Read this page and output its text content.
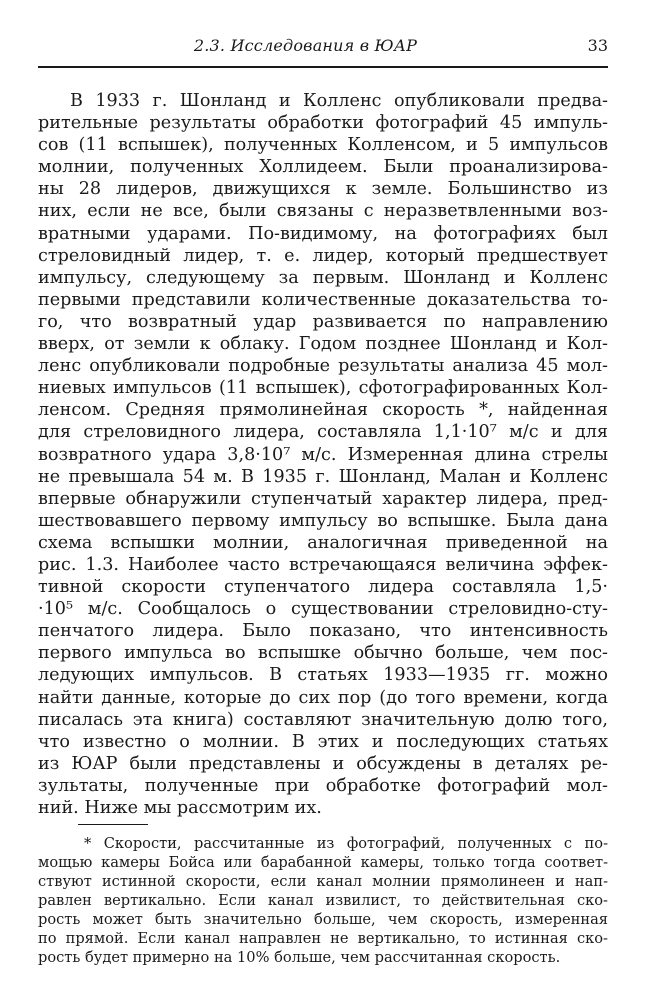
2.3. Исследования в ЮАР	33
В 1933 г. Шонланд и Колленс опубликовали предва-
рительные результаты обработки фотографий 45 импуль-
сов (11 вспышек), полученных Колленсом, и 5 импульсов
молнии, полученных Холлидеем. Были проанализирова-
ны 28 лидеров, движущихся к земле. Большинство из
них, если не все, были связаны с неразветвленными воз-
вратными ударами. По-видимому, на фотографиях был
стреловидный лидер, т. е. лидер, который предшествует
импульсу, следующему за первым. Шонланд и Колленс
первыми представили количественные доказательства то-
го, что возвратный удар развивается по направлению
вверх, от земли к облаку. Годом позднее Шонланд и Кол-
ленс опубликовали подробные результаты анализа 45 мол-
ниевых импульсов (11 вспышек), сфотографированных Кол-
ленсом. Средняя прямолинейная скорость *, найденная
для стреловидного лидера, составляла 1,1·10⁷ м/с и для
возвратного удара 3,8·10⁷ м/с. Измеренная длина стрелы
не превышала 54 м. В 1935 г. Шонланд, Малан и Колленс
впервые обнаружили ступенчатый характер лидера, пред-
шествовавшего первому импульсу во вспышке. Была дана
схема вспышки молнии, аналогичная приведенной на
рис. 1.3. Наиболее часто встречающаяся величина эффек-
тивной скорости ступенчатого лидера составляла 1,5·
·10⁵ м/с. Сообщалось о существовании стреловидно-сту-
пенчатого лидера. Было показано, что интенсивность
первого импульса во вспышке обычно больше, чем пос-
ледующих импульсов. В статьях 1933—1935 гг. можно
найти данные, которые до сих пор (до того времени, когда
писалась эта книга) составляют значительную долю того,
что известно о молнии. В этих и последующих статьях
из ЮАР были представлены и обсуждены в деталях ре-
зультаты, полученные при обработке фотографий мол-
ний. Ниже мы рассмотрим их.
* Скорости, рассчитанные из фотографий, полученных с по-
мощью камеры Бойса или барабанной камеры, только тогда соответ-
ствуют истинной скорости, если канал молнии прямолинеен и нап-
равлен вертикально. Если канал извилист, то действительная ско-
рость может быть значительно больше, чем скорость, измеренная
по прямой. Если канал направлен не вертикально, то истинная ско-
рость будет примерно на 10% больше, чем рассчитанная скорость.
